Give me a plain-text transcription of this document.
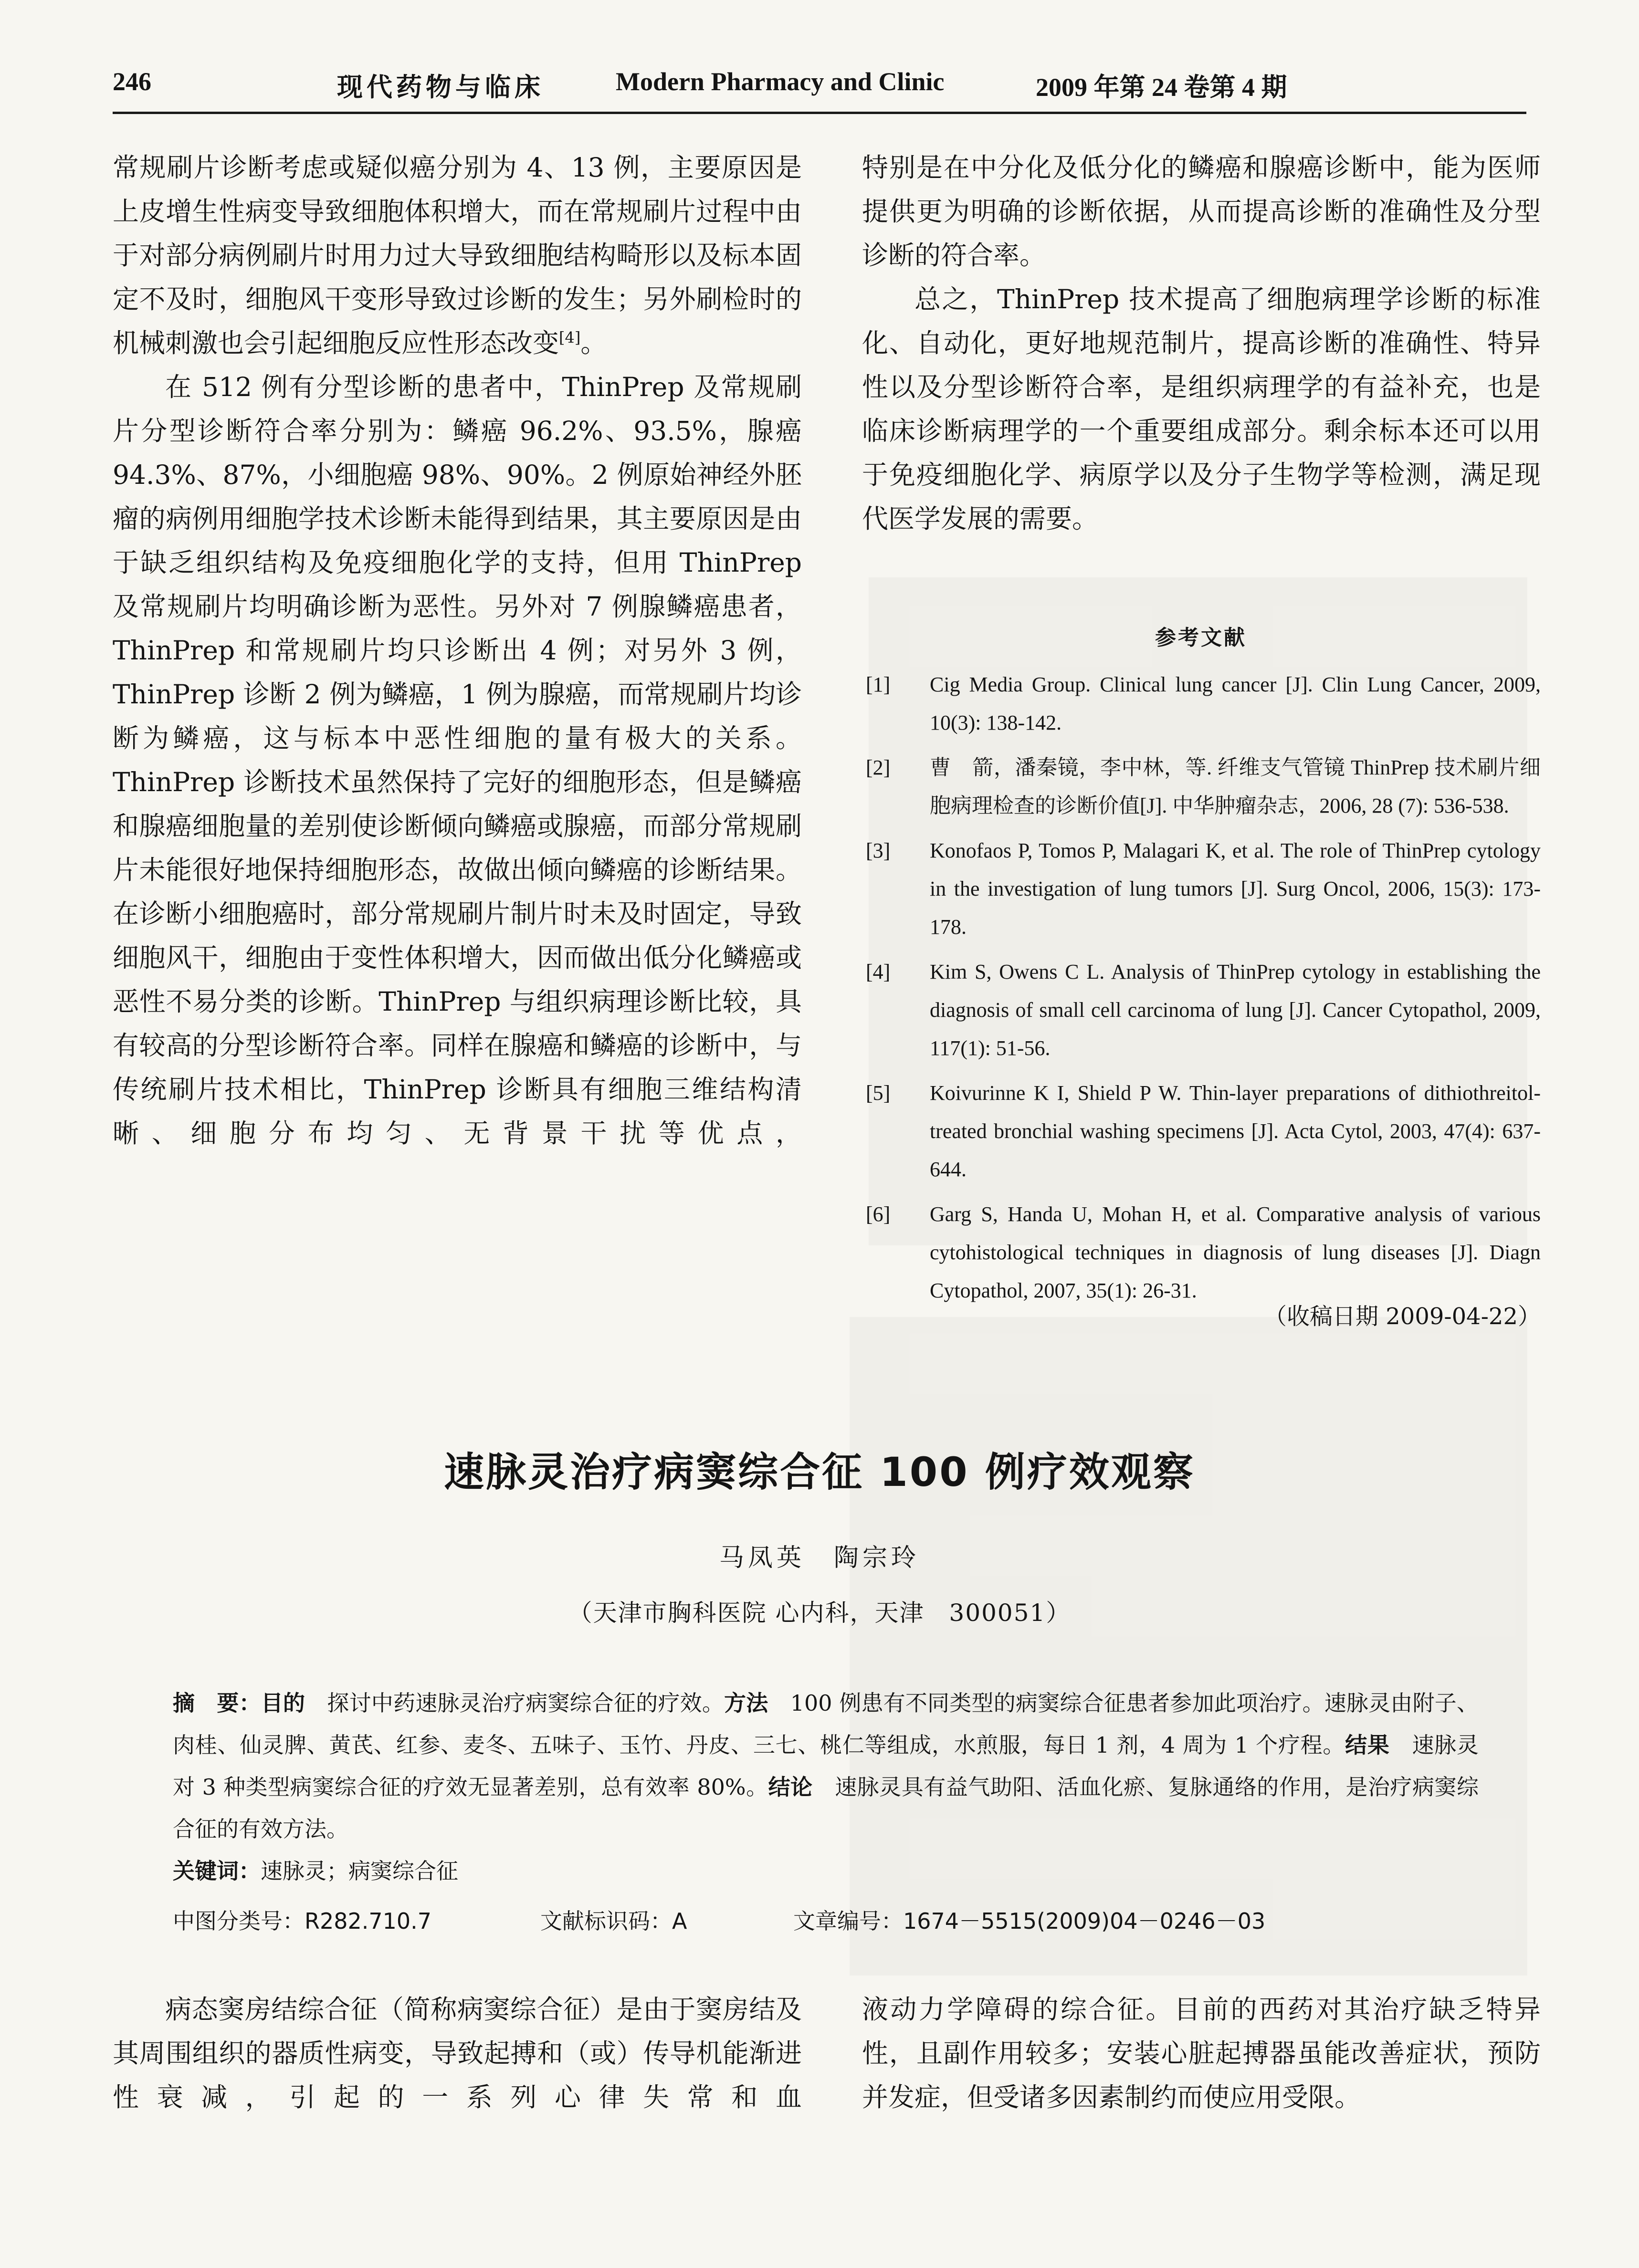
246	现代药物与临床	Modern Pharmacy and Clinic	2009 年第 24 卷第 4 期

常规刷片诊断考虑或疑似癌分别为 4、13 例，主要原因是上皮增生性病变导致细胞体积增大，而在常规刷片过程中由于对部分病例刷片时用力过大导致细胞结构畸形以及标本固定不及时，细胞风干变形导致过诊断的发生；另外刷检时的机械刺激也会引起细胞反应性形态改变[4]。

在 512 例有分型诊断的患者中，ThinPrep 及常规刷片分型诊断符合率分别为：鳞癌 96.2%、93.5%，腺癌 94.3%、87%，小细胞癌 98%、90%。2 例原始神经外胚瘤的病例用细胞学技术诊断未能得到结果，其主要原因是由于缺乏组织结构及免疫细胞化学的支持，但用 ThinPrep 及常规刷片均明确诊断为恶性。另外对 7 例腺鳞癌患者，ThinPrep 和常规刷片均只诊断出 4 例；对另外 3 例，ThinPrep 诊断 2 例为鳞癌，1 例为腺癌，而常规刷片均诊断为鳞癌，这与标本中恶性细胞的量有极大的关系。ThinPrep 诊断技术虽然保持了完好的细胞形态，但是鳞癌和腺癌细胞量的差别使诊断倾向鳞癌或腺癌，而部分常规刷片未能很好地保持细胞形态，故做出倾向鳞癌的诊断结果。在诊断小细胞癌时，部分常规刷片制片时未及时固定，导致细胞风干，细胞由于变性体积增大，因而做出低分化鳞癌或恶性不易分类的诊断。ThinPrep 与组织病理诊断比较，具有较高的分型诊断符合率。同样在腺癌和鳞癌的诊断中，与传统刷片技术相比，ThinPrep 诊断具有细胞三维结构清晰、细胞分布均匀、无背景干扰等优点，

特别是在中分化及低分化的鳞癌和腺癌诊断中，能为医师提供更为明确的诊断依据，从而提高诊断的准确性及分型诊断的符合率。

总之，ThinPrep 技术提高了细胞病理学诊断的标准化、自动化，更好地规范制片，提高诊断的准确性、特异性以及分型诊断符合率，是组织病理学的有益补充，也是临床诊断病理学的一个重要组成部分。剩余标本还可以用于免疫细胞化学、病原学以及分子生物学等检测，满足现代医学发展的需要。

参考文献
[1] Cig Media Group. Clinical lung cancer [J]. Clin Lung Cancer, 2009, 10(3): 138-142.
[2] 曹　箭，潘秦镜，李中林，等. 纤维支气管镜 ThinPrep 技术刷片细胞病理检查的诊断价值[J]. 中华肿瘤杂志，2006, 28 (7): 536-538.
[3] Konofaos P, Tomos P, Malagari K, et al. The role of ThinPrep cytology in the investigation of lung tumors [J]. Surg Oncol, 2006, 15(3): 173-178.
[4] Kim S, Owens C L. Analysis of ThinPrep cytology in establishing the diagnosis of small cell carcinoma of lung [J]. Cancer Cytopathol, 2009, 117(1): 51-56.
[5] Koivurinne K I, Shield P W. Thin-layer preparations of dithiothreitol-treated bronchial washing specimens [J]. Acta Cytol, 2003, 47(4): 637-644.
[6] Garg S, Handa U, Mohan H, et al. Comparative analysis of various cytohistological techniques in diagnosis of lung diseases [J]. Diagn Cytopathol, 2007, 35(1): 26-31.
（收稿日期 2009-04-22）
速脉灵治疗病窦综合征 100 例疗效观察
马凤英　陶宗玲
（天津市胸科医院 心内科，天津　300051）
摘　要：目的　探讨中药速脉灵治疗病窦综合征的疗效。方法　100 例患有不同类型的病窦综合征患者参加此项治疗。速脉灵由附子、肉桂、仙灵脾、黄芪、红参、麦冬、五味子、玉竹、丹皮、三七、桃仁等组成，水煎服，每日 1 剂，4 周为 1 个疗程。结果　速脉灵对 3 种类型病窦综合征的疗效无显著差别，总有效率 80%。结论　速脉灵具有益气助阳、活血化瘀、复脉通络的作用，是治疗病窦综合征的有效方法。
关键词：速脉灵；病窦综合征
中图分类号：R282.710.7	文献标识码：A	文章编号：1674－5515(2009)04－0246－03

病态窦房结综合征（简称病窦综合征）是由于窦房结及其周围组织的器质性病变，导致起搏和（或）传导机能渐进性衰减，引起的一系列心律失常和血

液动力学障碍的综合征。目前的西药对其治疗缺乏特异性，且副作用较多；安装心脏起搏器虽能改善症状，预防并发症，但受诸多因素制约而使应用受限。
